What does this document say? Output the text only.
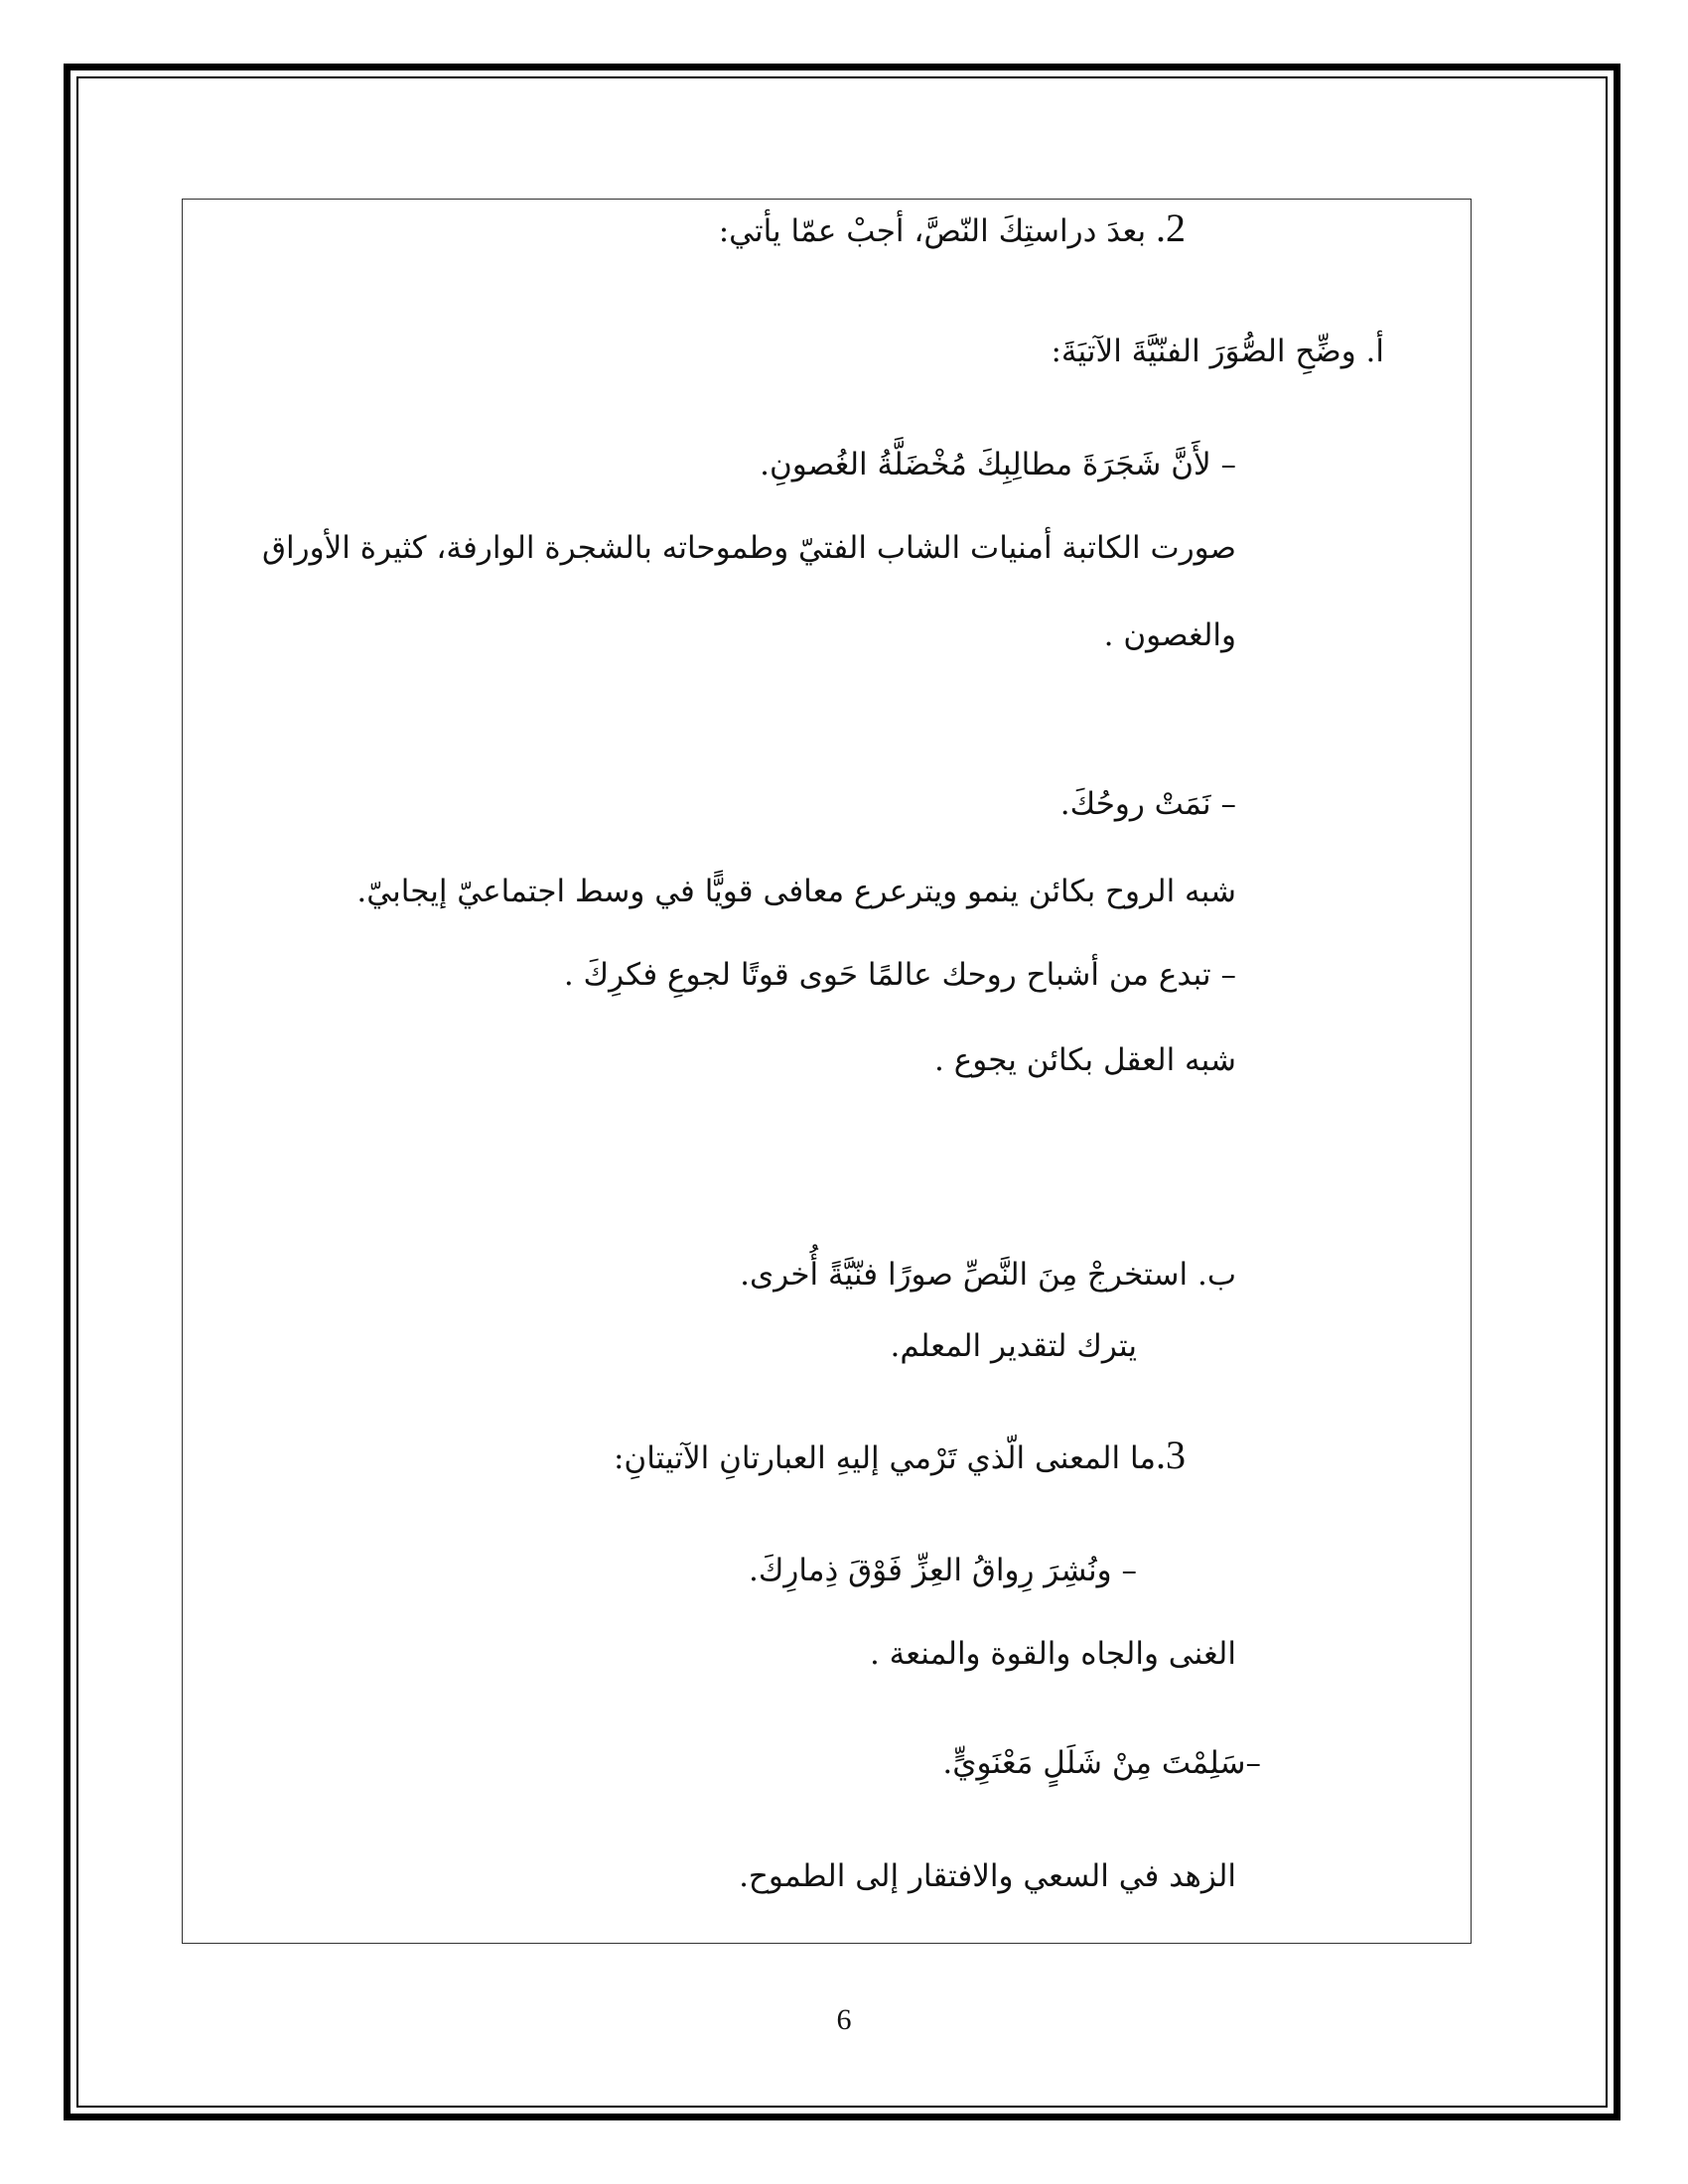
2. بعدَ دراستِكَ النّصَّ، أجبْ عمّا يأتي:
أ. وضِّحِ الصُّوَرَ الفنّيَّةَ الآتيَةَ:
– لأَنَّ شَجَرَةَ مطالِبِكَ مُخْضَلَّةُ الغُصونِ.
صورت الكاتبة أمنيات الشاب الفتيّ وطموحاته بالشجرة الوارفة، كثيرة الأوراق
والغصون .
– نَمَتْ روحُكَ.
شبه الروح بكائن ينمو ويترعرع معافى قويًّا في وسط اجتماعيّ إيجابيّ.
– تبدع من أشباح روحك عالمًا حَوى قوتًا لجوعِ فكرِكَ .
شبه العقل بكائن يجوع .
ب. استخرجْ مِنَ النَّصِّ صورًا فنّيَّةً أُخرى.
يترك لتقدير المعلم.
3.ما المعنى الّذي تَرْمي إليهِ العبارتانِ الآتيتانِ:
– ونُشِرَ رِواقُ العِزِّ فَوْقَ ذِمارِكَ.
الغنى والجاه والقوة والمنعة .
–سَلِمْتَ مِنْ شَلَلٍ مَعْنَوِيٍّ.
الزهد في السعي والافتقار إلى الطموح.
6
